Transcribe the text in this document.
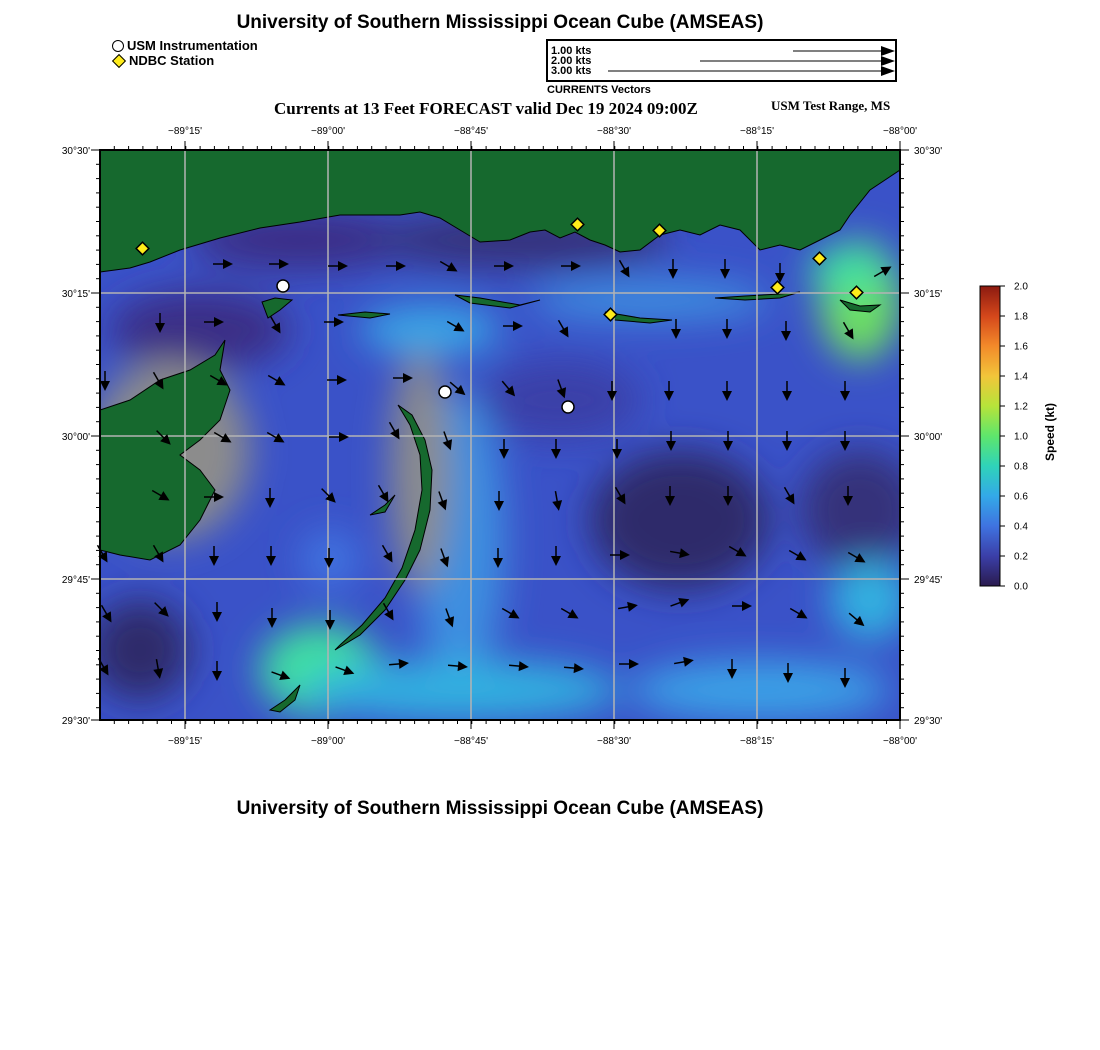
University of Southern Mississippi Ocean Cube (AMSEAS)
USM Instrumentation
NDBC Station
1.00 kts
2.00 kts
3.00 kts
CURRENTS Vectors
Currents at 13 Feet FORECAST valid Dec 19 2024 09:00Z	USM Test Range, MS
−89°15'	−89°00'	−88°45'	−88°30'	−88°15'	−88°00'
−89°15'	−89°00'	−88°45'	−88°30'	−88°15'	−88°00'
30°30'
30°15'
30°00'
29°45'
29°30'
30°30'
30°15'
30°00'
29°45'
29°30'
2.0
1.8
1.6
1.4
1.2
1.0
0.8
0.6
0.4
0.2
0.0
Speed (kt)
University of Southern Mississippi Ocean Cube (AMSEAS)
